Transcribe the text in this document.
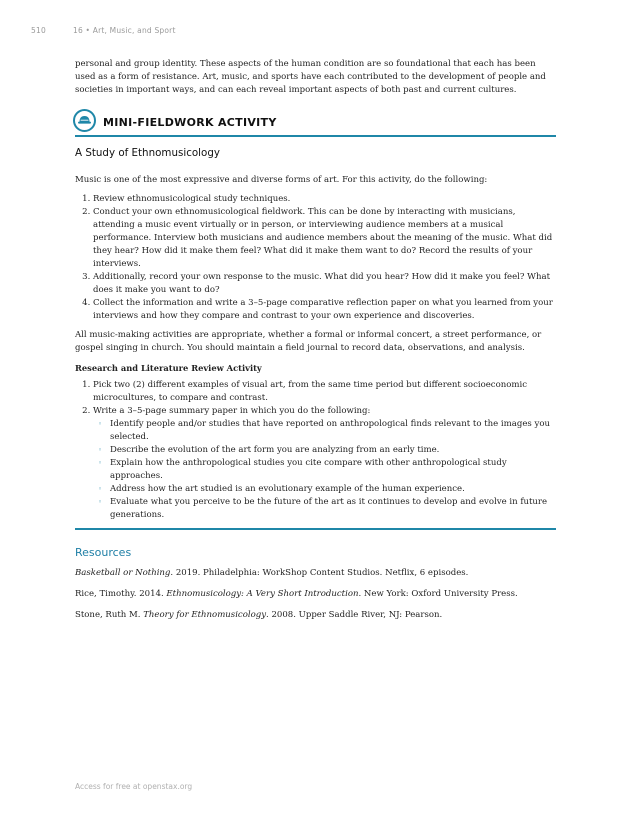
510	16 • Art, Music, and Sport

personal and group identity. These aspects of the human condition are so foundational that each has been used as a form of resistance. Art, music, and sports have each contributed to the development of people and societies in important ways, and can each reveal important aspects of both past and current cultures.

MINI-FIELDWORK ACTIVITY
A Study of Ethnomusicology

Music is one of the most expressive and diverse forms of art. For this activity, do the following:

1. Review ethnomusicological study techniques.
2. Conduct your own ethnomusicological fieldwork. This can be done by interacting with musicians, attending a music event virtually or in person, or interviewing audience members at a musical performance. Interview both musicians and audience members about the meaning of the music. What did they hear? How did it make them feel? What did it make them want to do? Record the results of your interviews.
3. Additionally, record your own response to the music. What did you hear? How did it make you feel? What does it make you want to do?
4. Collect the information and write a 3–5-page comparative reflection paper on what you learned from your interviews and how they compare and contrast to your own experience and discoveries.

All music-making activities are appropriate, whether a formal or informal concert, a street performance, or gospel singing in church. You should maintain a field journal to record data, observations, and analysis.

Research and Literature Review Activity
1. Pick two (2) different examples of visual art, from the same time period but different socioeconomic microcultures, to compare and contrast.
2. Write a 3–5-page summary paper in which you do the following:
◦ Identify people and/or studies that have reported on anthropological finds relevant to the images you selected.
◦ Describe the evolution of the art form you are analyzing from an early time.
◦ Explain how the anthropological studies you cite compare with other anthropological study approaches.
◦ Address how the art studied is an evolutionary example of the human experience.
◦ Evaluate what you perceive to be the future of the art as it continues to develop and evolve in future generations.
Resources

Basketball or Nothing. 2019. Philadelphia: WorkShop Content Studios. Netflix, 6 episodes.

Rice, Timothy. 2014. Ethnomusicology: A Very Short Introduction. New York: Oxford University Press.

Stone, Ruth M. Theory for Ethnomusicology. 2008. Upper Saddle River, NJ: Pearson.

Access for free at openstax.org
